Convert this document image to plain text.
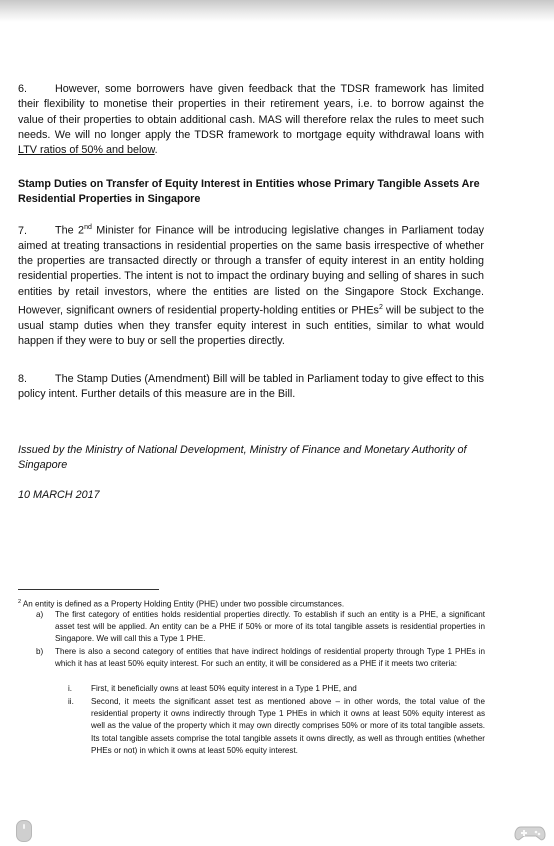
6.	However, some borrowers have given feedback that the TDSR framework has limited their flexibility to monetise their properties in their retirement years, i.e. to borrow against the value of their properties to obtain additional cash. MAS will therefore relax the rules to meet such needs. We will no longer apply the TDSR framework to mortgage equity withdrawal loans with LTV ratios of 50% and below.

Stamp Duties on Transfer of Equity Interest in Entities whose Primary Tangible Assets Are Residential Properties in Singapore

7.	The 2nd Minister for Finance will be introducing legislative changes in Parliament today aimed at treating transactions in residential properties on the same basis irrespective of whether the properties are transacted directly or through a transfer of equity interest in an entity holding residential properties. The intent is not to impact the ordinary buying and selling of shares in such entities by retail investors, where the entities are listed on the Singapore Stock Exchange. However, significant owners of residential property-holding entities or PHEs$^2$ will be subject to the usual stamp duties when they transfer equity interest in such entities, similar to what would happen if they were to buy or sell the properties directly.

8.	The Stamp Duties (Amendment) Bill will be tabled in Parliament today to give effect to this policy intent. Further details of this measure are in the Bill.

Issued by the Ministry of National Development, Ministry of Finance and Monetary Authority of Singapore

10 MARCH 2017

$^2$ An entity is defined as a Property Holding Entity (PHE) under two possible circumstances.

a) The first category of entities holds residential properties directly. To establish if such an entity is a PHE, a significant asset test will be applied. An entity can be a PHE if 50% or more of its total tangible assets is residential properties in Singapore. We will call this a Type 1 PHE.

b) There is also a second category of entities that have indirect holdings of residential property through Type 1 PHEs in which it has at least 50% equity interest. For such an entity, it will be considered as a PHE if it meets two criteria:

i. First, it beneficially owns at least 50% equity interest in a Type 1 PHE, and

ii. Second, it meets the significant asset test as mentioned above – in other words, the total value of the residential property it owns indirectly through Type 1 PHEs in which it owns at least 50% equity interest as well as the value of the property which it may own directly comprises 50% or more of its total tangible assets. Its total tangible assets comprise the total tangible assets it owns directly, as well as through entities (whether PHEs or not) in which it owns at least 50% equity interest.
